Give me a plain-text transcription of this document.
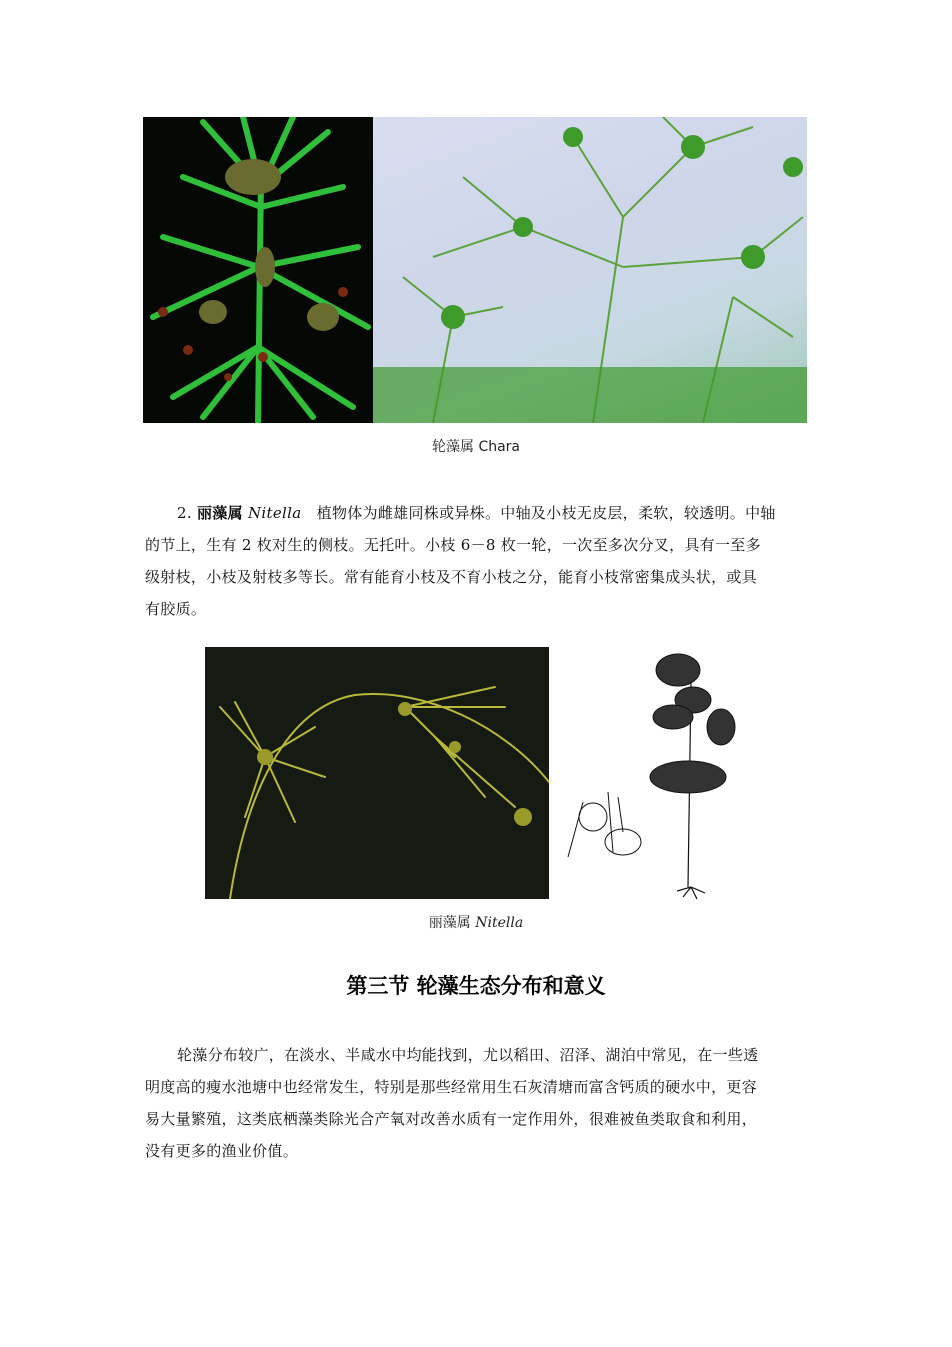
轮藻属 Chara
2. 丽藻属 Nitella 植物体为雌雄同株或异株。中轴及小枝无皮层，柔软，较透明。中轴
的节上，生有 2 枚对生的侧枝。无托叶。小枝 6－8 枚一轮，一次至多次分叉，具有一至多
级射枝，小枝及射枝多等长。常有能育小枝及不育小枝之分，能育小枝常密集成头状，或具
有胶质。
丽藻属 Nitella
第三节 轮藻生态分布和意义
轮藻分布较广，在淡水、半咸水中均能找到，尤以稻田、沼泽、湖泊中常见，在一些透
明度高的瘦水池塘中也经常发生，特别是那些经常用生石灰清塘而富含钙质的硬水中，更容
易大量繁殖，这类底栖藻类除光合产氧对改善水质有一定作用外，很难被鱼类取食和利用，
没有更多的渔业价值。
